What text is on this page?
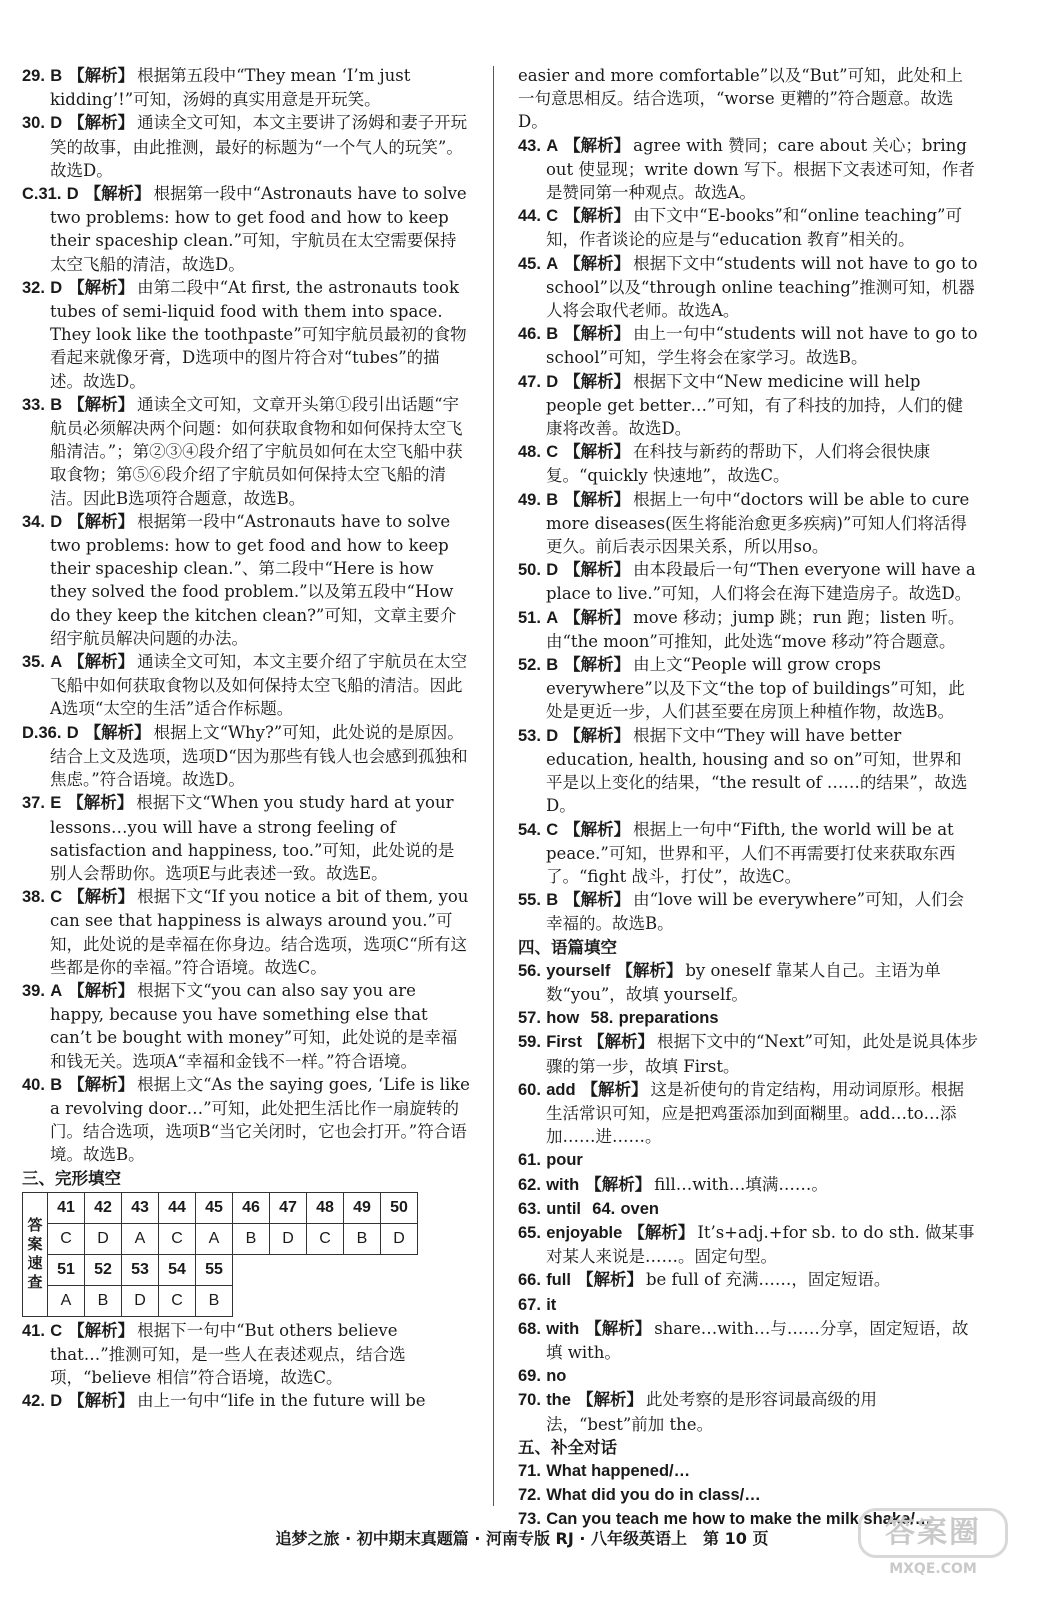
29. B 【解析】 根据第五段中“They mean ‘I’m just kidding’!”可知，汤姆的真实用意是开玩笑。
30. D 【解析】 通读全文可知，本文主要讲了汤姆和妻子开玩笑的故事，由此推测，最好的标题为“一个气人的玩笑”。故选D。
C.31. D 【解析】 根据第一段中“Astronauts have to solve two problems: how to get food and how to keep their spaceship clean.”可知，宇航员在太空需要保持太空飞船的清洁，故选D。
32. D 【解析】 由第二段中“At first, the astronauts took tubes of semi-liquid food with them into space. They look like the toothpaste”可知宇航员最初的食物看起来就像牙膏，D选项中的图片符合对“tubes”的描述。故选D。
33. B 【解析】 通读全文可知，文章开头第①段引出话题“宇航员必须解决两个问题：如何获取食物和如何保持太空飞船清洁。”；第②③④段介绍了宇航员如何在太空飞船中获取食物；第⑤⑥段介绍了宇航员如何保持太空飞船的清洁。因此B选项符合题意，故选B。
34. D 【解析】 根据第一段中“Astronauts have to solve two problems: how to get food and how to keep their spaceship clean.”、第二段中“Here is how they solved the food problem.”以及第五段中“How do they keep the kitchen clean?”可知，文章主要介绍宇航员解决问题的办法。
35. A 【解析】 通读全文可知，本文主要介绍了宇航员在太空飞船中如何获取食物以及如何保持太空飞船的清洁。因此A选项“太空的生活”适合作标题。
D.36. D 【解析】 根据上文“Why?”可知，此处说的是原因。结合上文及选项，选项D“因为那些有钱人也会感到孤独和焦虑。”符合语境。故选D。
37. E 【解析】 根据下文“When you study hard at your lessons…you will have a strong feeling of satisfaction and happiness, too.”可知，此处说的是别人会帮助你。选项E与此表述一致。故选E。
38. C 【解析】 根据下文“If you notice a bit of them, you can see that happiness is always around you.”可知，此处说的是幸福在你身边。结合选项，选项C“所有这些都是你的幸福。”符合语境。故选C。
39. A 【解析】 根据下文“you can also say you are happy, because you have something else that can’t be bought with money”可知，此处说的是幸福和钱无关。选项A“幸福和金钱不一样。”符合语境。
40. B 【解析】 根据上文“As the saying goes, ‘Life is like a revolving door…”可知，此处把生活比作一扇旋转的门。结合选项，选项B“当它关闭时，它也会打开。”符合语境。故选B。
三、完形填空
答
案
速
查	41	42	43	44	45	46	47	48	49	50
	C	D	A	C	A	B	D	C	B	D
	51	52	53	54	55					
	A	B	D	C	B					
41. C 【解析】 根据下一句中“But others believe that…”推测可知，是一些人在表述观点，结合选项，“believe 相信”符合语境，故选C。
42. D 【解析】 由上一句中“life in the future will be
easier and more comfortable”以及“But”可知，此处和上一句意思相反。结合选项，“worse 更糟的”符合题意。故选D。
43. A 【解析】 agree with 赞同；care about 关心；bring out 使显现；write down 写下。根据下文表述可知，作者是赞同第一种观点。故选A。
44. C 【解析】 由下文中“E-books”和“online teaching”可知，作者谈论的应是与“education 教育”相关的。
45. A 【解析】 根据下文中“students will not have to go to school”以及“through online teaching”推测可知，机器人将会取代老师。故选A。
46. B 【解析】 由上一句中“students will not have to go to school”可知，学生将会在家学习。故选B。
47. D 【解析】 根据下文中“New medicine will help people get better…”可知，有了科技的加持，人们的健康将改善。故选D。
48. C 【解析】 在科技与新药的帮助下，人们将会很快康复。“quickly 快速地”，故选C。
49. B 【解析】 根据上一句中“doctors will be able to cure more diseases(医生将能治愈更多疾病)”可知人们将活得更久。前后表示因果关系，所以用so。
50. D 【解析】 由本段最后一句“Then everyone will have a place to live.”可知，人们将会在海下建造房子。故选D。
51. A 【解析】 move 移动；jump 跳；run 跑；listen 听。由“the moon”可推知，此处选“move 移动”符合题意。
52. B 【解析】 由上文“People will grow crops everywhere”以及下文“the top of buildings”可知，此处是更近一步，人们甚至要在房顶上种植作物，故选B。
53. D 【解析】 根据下文中“They will have better education, health, housing and so on”可知，世界和平是以上变化的结果，“the result of ……的结果”，故选D。
54. C 【解析】 根据上一句中“Fifth, the world will be at peace.”可知，世界和平，人们不再需要打仗来获取东西了。“fight 战斗，打仗”，故选C。
55. B 【解析】 由“love will be everywhere”可知，人们会幸福的。故选B。
四、语篇填空
56. yourself 【解析】 by oneself 靠某人自己。主语为单数“you”，故填 yourself。
57. how 58. preparations
59. First 【解析】 根据下文中的“Next”可知，此处是说具体步骤的第一步，故填 First。
60. add 【解析】 这是祈使句的肯定结构，用动词原形。根据生活常识可知，应是把鸡蛋添加到面糊里。add…to…添加……进……。
61. pour
62. with 【解析】 fill…with…填满……。
63. until 64. oven
65. enjoyable 【解析】 It’s+adj.+for sb. to do sth. 做某事对某人来说是……。固定句型。
66. full 【解析】 be full of 充满……，固定短语。
67. it
68. with 【解析】 share…with…与……分享，固定短语，故填 with。
69. no
70. the 【解析】 此处考察的是形容词最高级的用法，“best”前加 the。
五、补全对话
71. What happened/…
72. What did you do in class/…
73. Can you teach me how to make the milk shake/…
追梦之旅 · 初中期末真题篇 · 河南专版 RJ · 八年级英语上　第 10 页	答案圈
MXQE.COM
